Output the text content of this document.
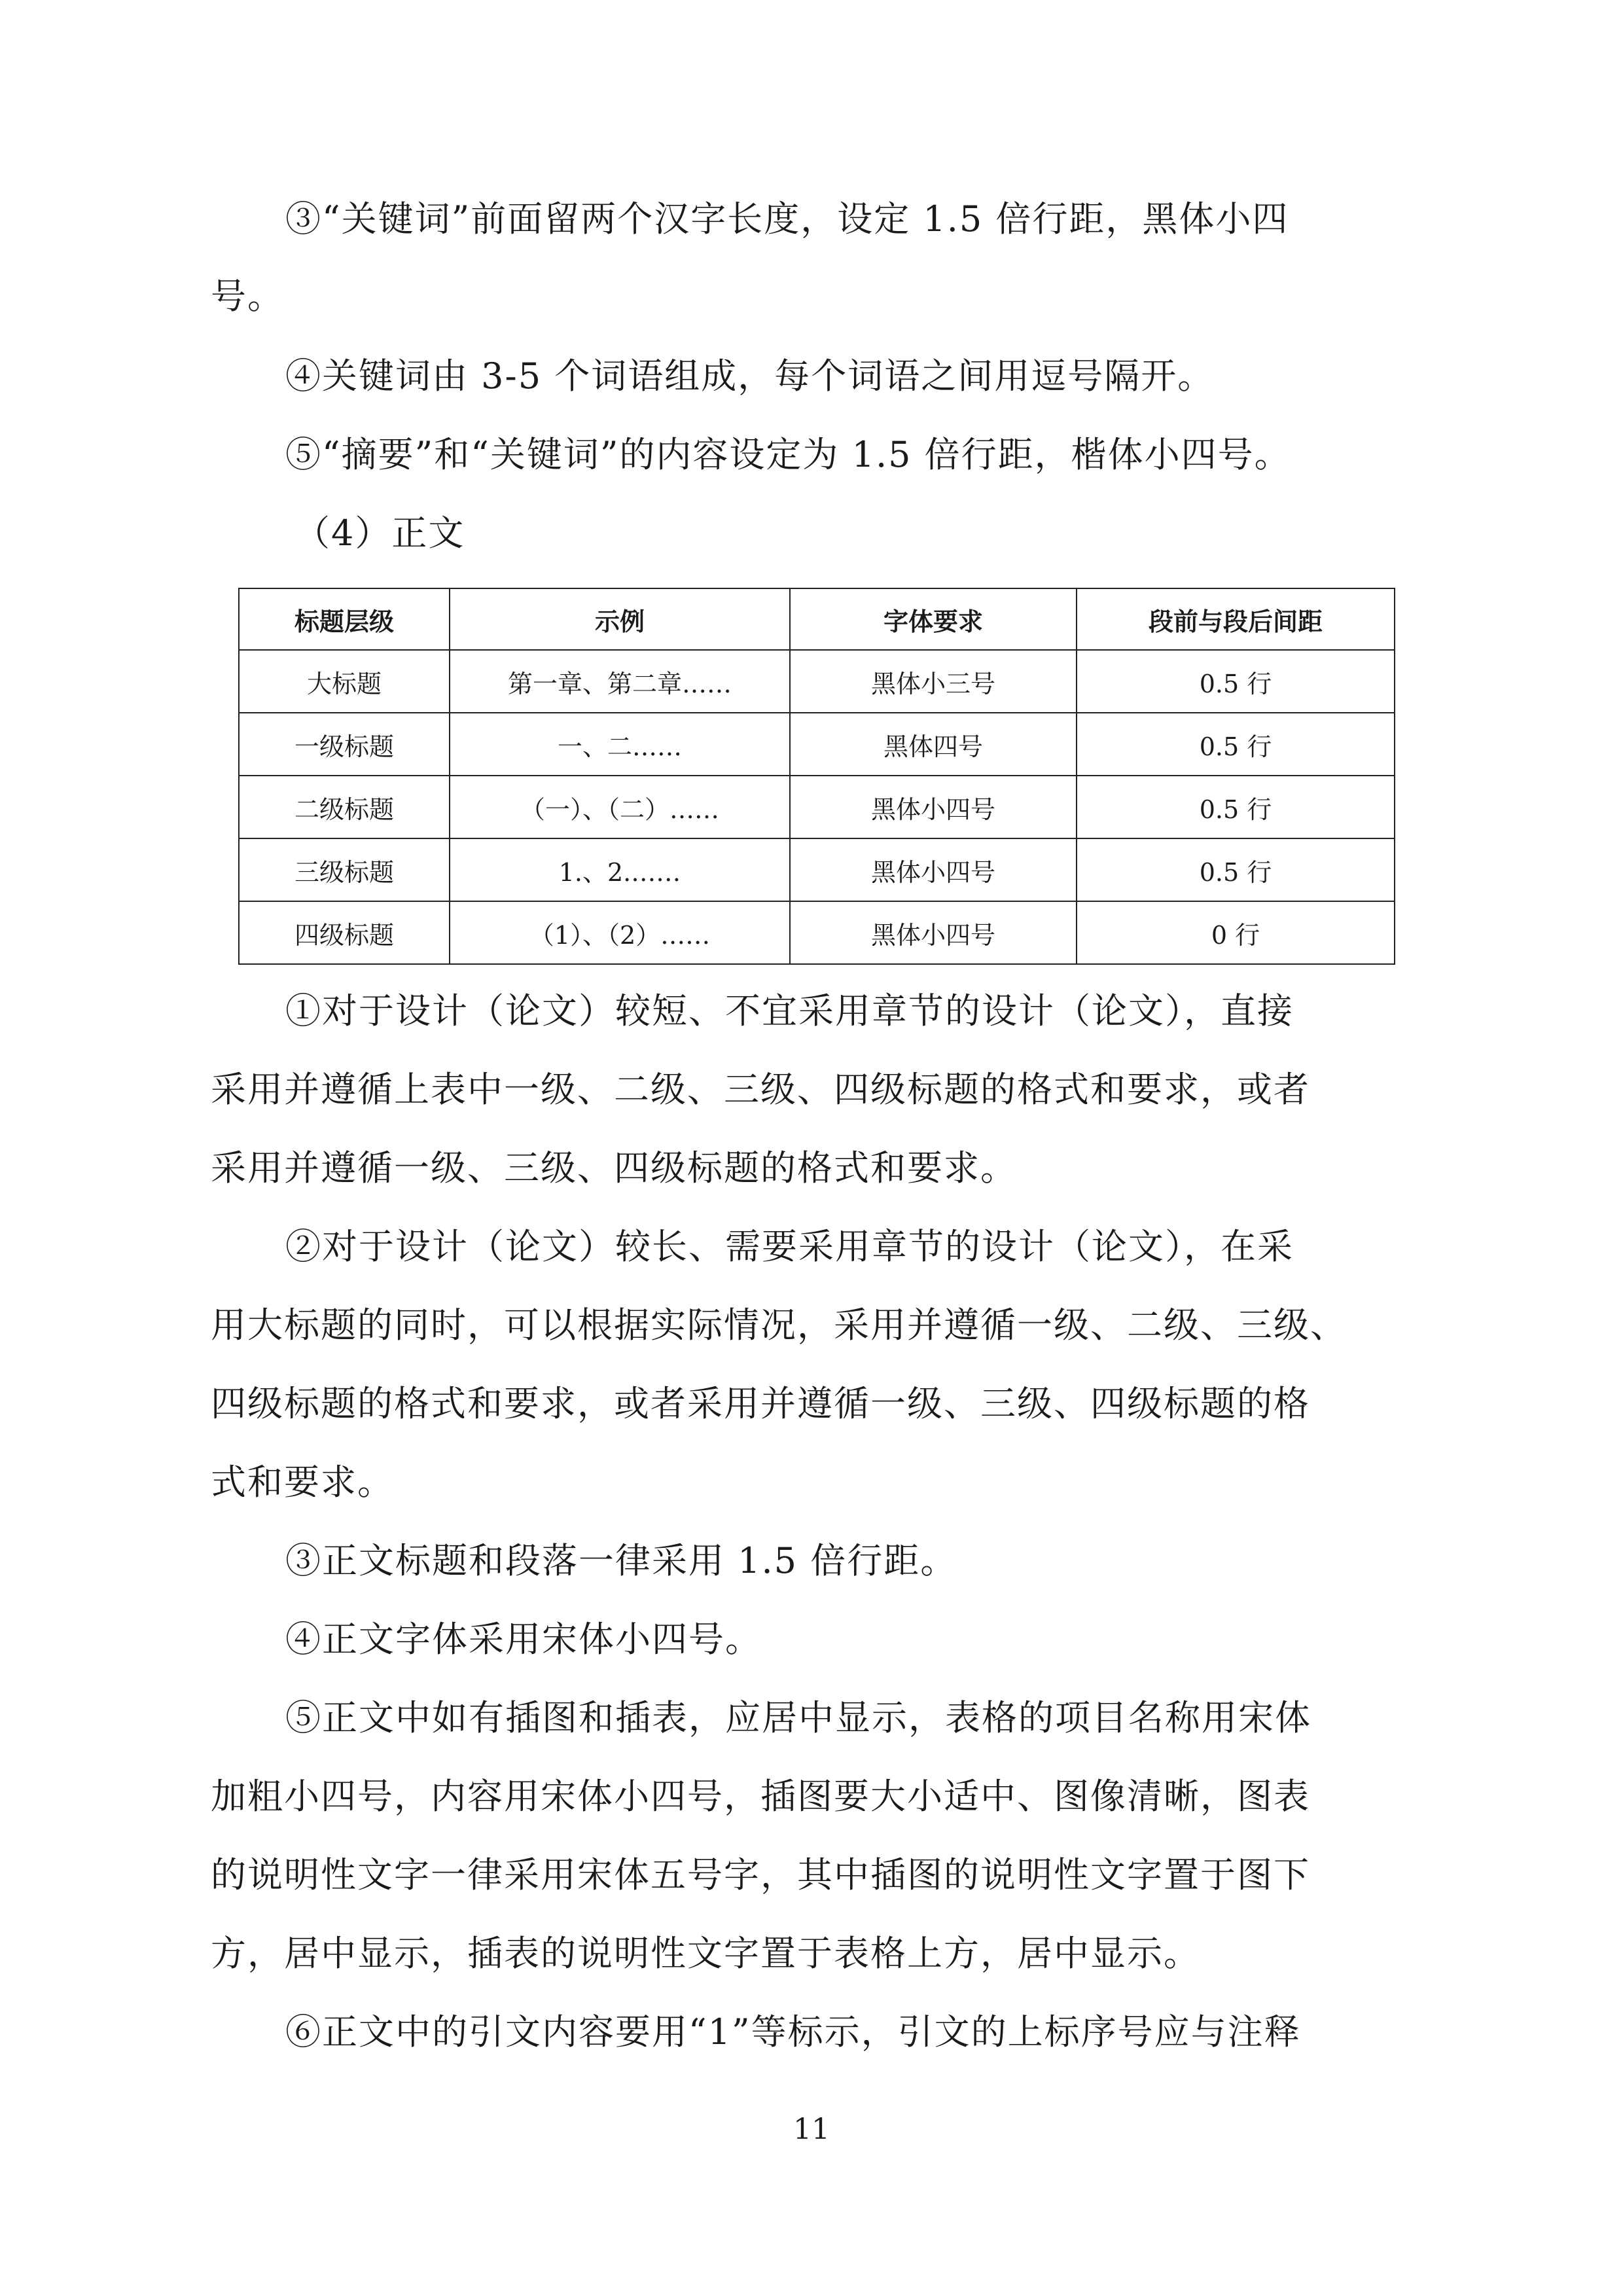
③“关键词”前面留两个汉字长度，设定 1.5 倍行距，黑体小四

号。

④关键词由 3-5 个词语组成，每个词语之间用逗号隔开。

⑤“摘要”和“关键词”的内容设定为 1.5 倍行距，楷体小四号。

（4）正文

标题层级	示例	字体要求	段前与段后间距
大标题	第一章、第二章……	黑体小三号	0.5 行
一级标题	一、二……	黑体四号	0.5 行
二级标题	（一）、（二）……	黑体小四号	0.5 行
三级标题	1.、2.……	黑体小四号	0.5 行
四级标题	（1）、（2）……	黑体小四号	0 行

①对于设计（论文）较短、不宜采用章节的设计（论文），直接

采用并遵循上表中一级、二级、三级、四级标题的格式和要求，或者

采用并遵循一级、三级、四级标题的格式和要求。

②对于设计（论文）较长、需要采用章节的设计（论文），在采

用大标题的同时，可以根据实际情况，采用并遵循一级、二级、三级、

四级标题的格式和要求，或者采用并遵循一级、三级、四级标题的格

式和要求。

③正文标题和段落一律采用 1.5 倍行距。

④正文字体采用宋体小四号。

⑤正文中如有插图和插表，应居中显示，表格的项目名称用宋体

加粗小四号，内容用宋体小四号，插图要大小适中、图像清晰，图表

的说明性文字一律采用宋体五号字，其中插图的说明性文字置于图下

方，居中显示，插表的说明性文字置于表格上方，居中显示。

⑥正文中的引文内容要用“1”等标示，引文的上标序号应与注释

11
